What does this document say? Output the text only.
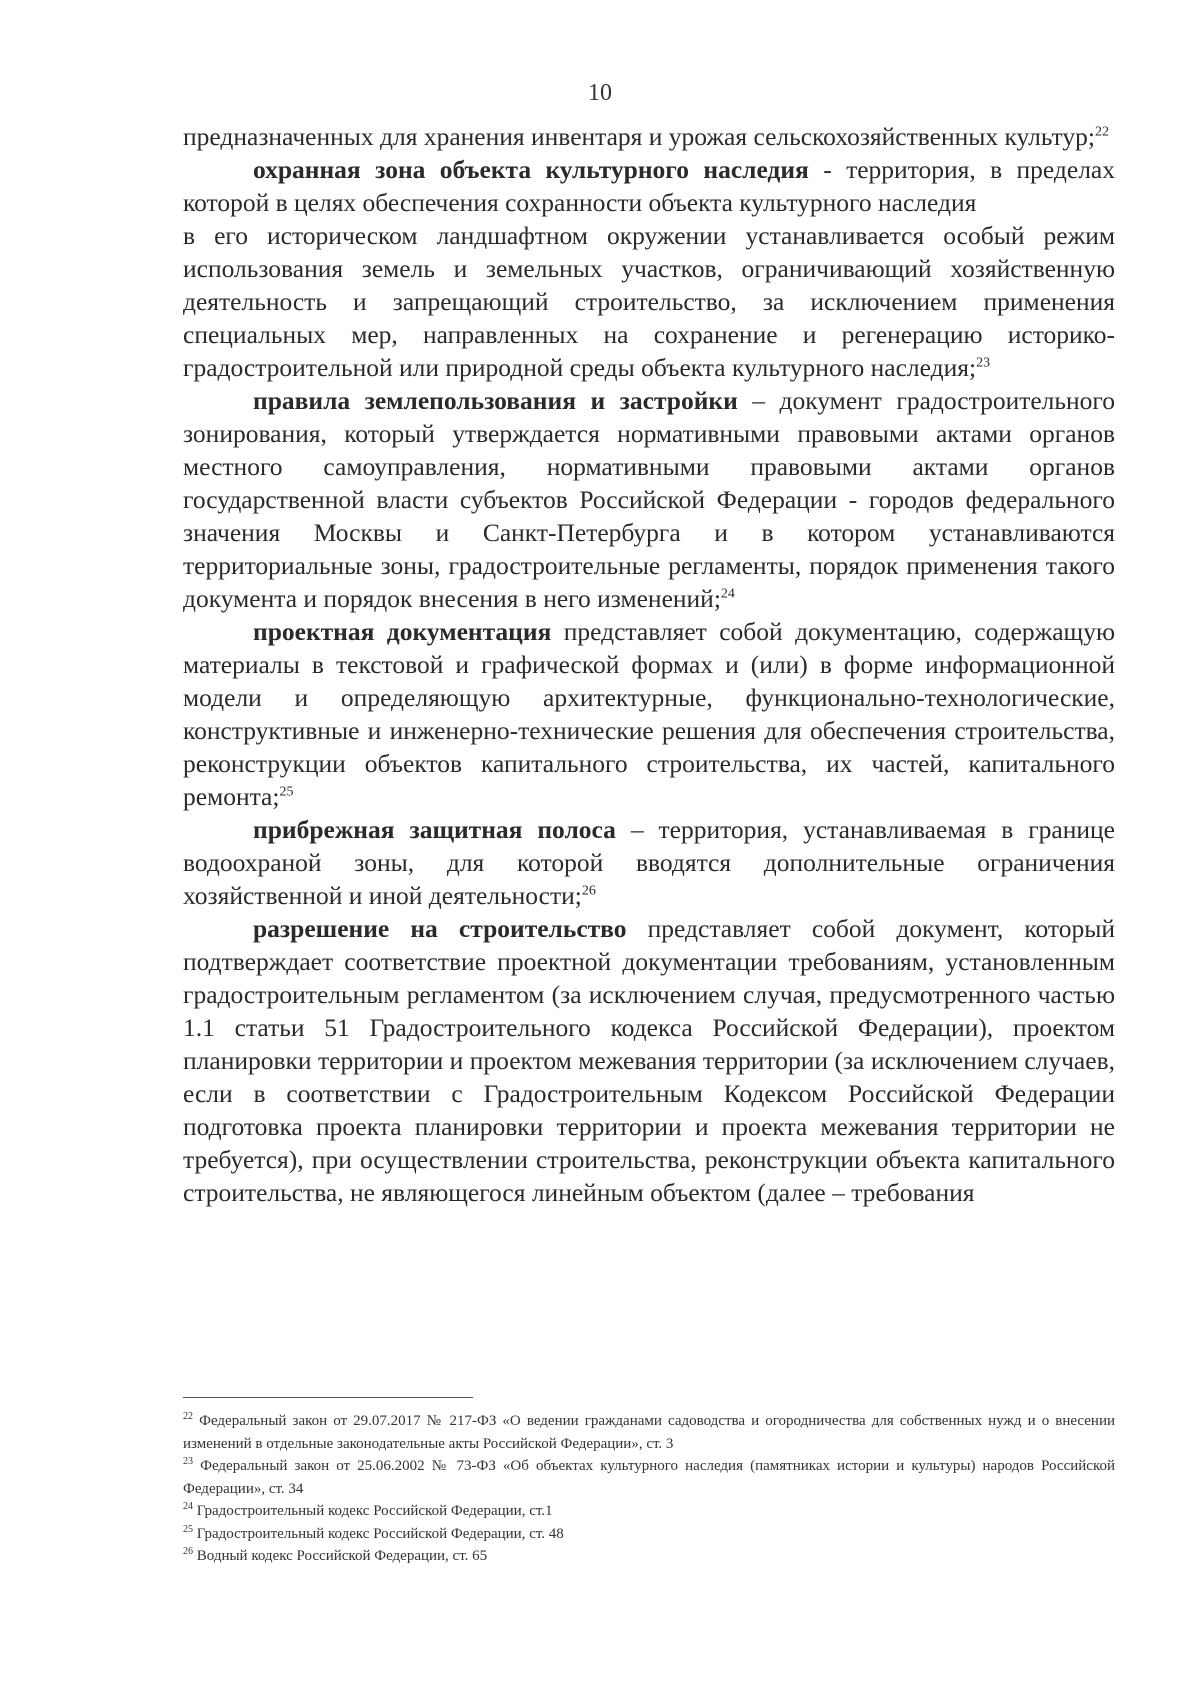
10

предназначенных для хранения инвентаря и урожая сельскохозяйственных культур;$^{22}$

охранная зона объекта культурного наследия - территория, в пределах которой в целях обеспечения сохранности объекта культурного наследия

в его историческом ландшафтном окружении устанавливается особый режим использования земель и земельных участков, ограничивающий хозяйственную деятельность и запрещающий строительство, за исключением применения специальных мер, направленных на сохранение и регенерацию историко-градостроительной или природной среды объекта культурного наследия;$^{23}$

правила землепользования и застройки – документ градостроительного зонирования, который утверждается нормативными правовыми актами органов местного самоуправления, нормативными правовыми актами органов государственной власти субъектов Российской Федерации - городов федерального значения Москвы и Санкт-Петербурга и в котором устанавливаются территориальные зоны, градостроительные регламенты, порядок применения такого документа и порядок внесения в него изменений;$^{24}$

проектная документация представляет собой документацию, содержащую материалы в текстовой и графической формах и (или) в форме информационной модели и определяющую архитектурные, функционально-технологические, конструктивные и инженерно-технические решения для обеспечения строительства, реконструкции объектов капитального строительства, их частей, капитального ремонта;$^{25}$

прибрежная защитная полоса – территория, устанавливаемая в границе водоохраной зоны, для которой вводятся дополнительные ограничения хозяйственной и иной деятельности;$^{26}$

разрешение на строительство представляет собой документ, который подтверждает соответствие проектной документации требованиям, установленным градостроительным регламентом (за исключением случая, предусмотренного частью 1.1 статьи 51 Градостроительного кодекса Российской Федерации), проектом планировки территории и проектом межевания территории (за исключением случаев, если в соответствии с Градостроительным Кодексом Российской Федерации подготовка проекта планировки территории и проекта межевания территории не требуется), при осуществлении строительства, реконструкции объекта капитального строительства, не являющегося линейным объектом (далее – требования

$^{22}$ Федеральный закон от 29.07.2017 № 217-ФЗ «О ведении гражданами садоводства и огородничества для собственных нужд и о внесении изменений в отдельные законодательные акты Российской Федерации», ст. 3

$^{23}$ Федеральный закон от 25.06.2002 № 73-ФЗ «Об объектах культурного наследия (памятниках истории и культуры) народов Российской Федерации», ст. 34

$^{24}$ Градостроительный кодекс Российской Федерации, ст.1

$^{25}$ Градостроительный кодекс Российской Федерации, ст. 48

$^{26}$ Водный кодекс Российской Федерации, ст. 65
